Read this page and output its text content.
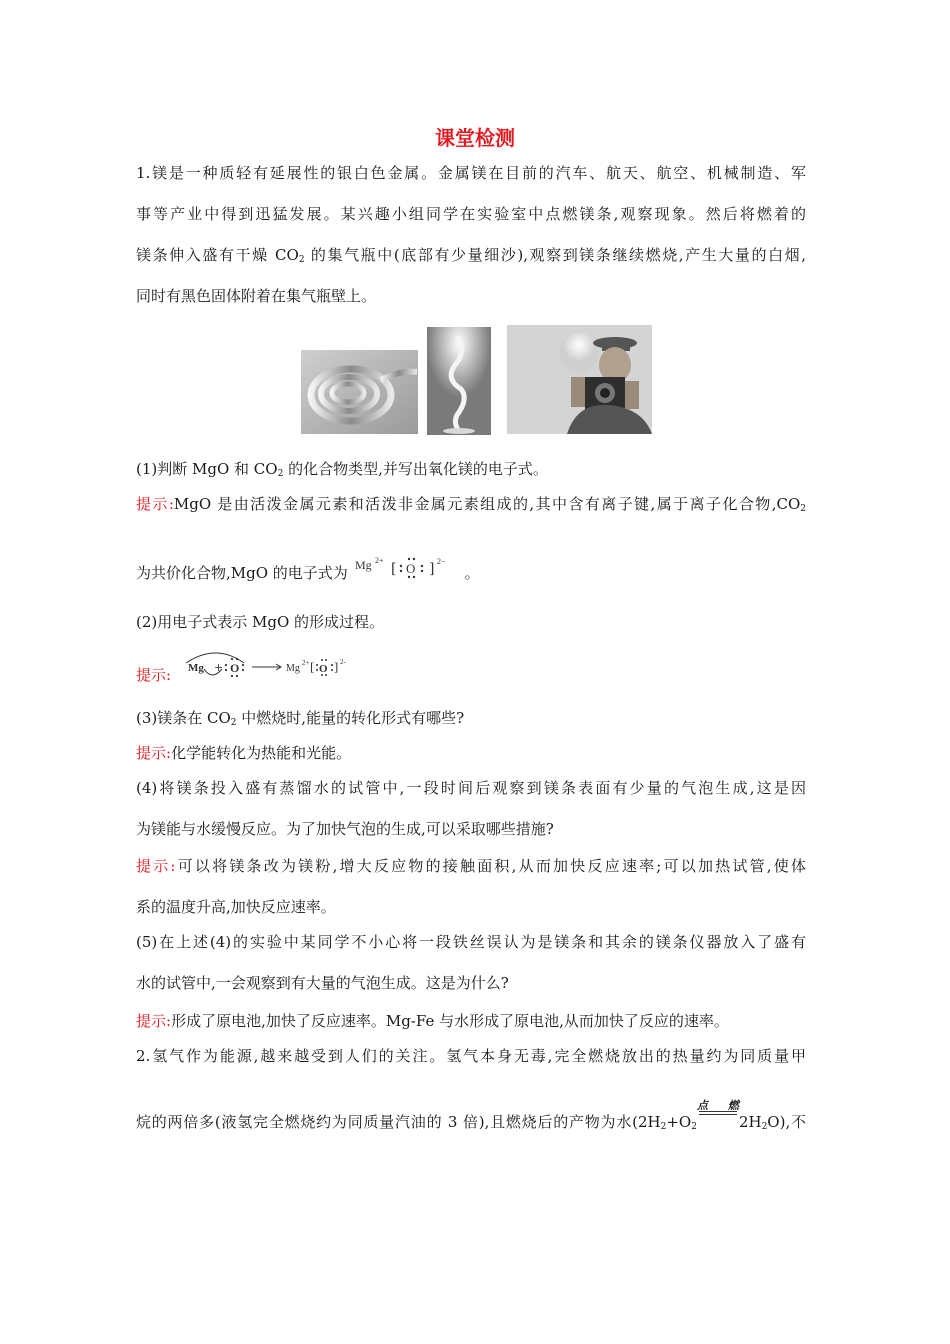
课堂检测
1.镁是一种质轻有延展性的银白色金属。金属镁在目前的汽车、航天、航空、机械制造、军
事等产业中得到迅猛发展。某兴趣小组同学在实验室中点燃镁条,观察现象。然后将燃着的
镁条伸入盛有干燥 $CO_2$ 的集气瓶中(底部有少量细沙),观察到镁条继续燃烧,产生大量的白烟,
同时有黑色固体附着在集气瓶壁上。
(1)判断 MgO 和 $CO_2$ 的化合物类型,并写出氧化镁的电子式。
提示:MgO 是由活泼金属元素和活泼非金属元素组成的,其中含有离子键,属于离子化合物$,CO_2$
为共价化合物,MgO 的电子式为 Mg 2+
[ O ] 2−
。
(2)用电子式表示 MgO 的形成过程。
提示: Mg + O	Mg 2+ [ O ] 2-
(3)镁条在 $CO_2$ 中燃烧时,能量的转化形式有哪些?
提示:化学能转化为热能和光能。
(4)将镁条投入盛有蒸馏水的试管中,一段时间后观察到镁条表面有少量的气泡生成,这是因
为镁能与水缓慢反应。为了加快气泡的生成,可以采取哪些措施?
提示:可以将镁条改为镁粉,增大反应物的接触面积,从而加快反应速率;可以加热试管,使体
系的温度升高,加快反应速率。
(5)在上述(4)的实验中某同学不小心将一段铁丝误认为是镁条和其余的镁条仪器放入了盛有
水的试管中,一会观察到有大量的气泡生成。这是为什么?
提示:形成了原电池,加快了反应速率。Mg-Fe 与水形成了原电池,从而加快了反应的速率。
2.氢气作为能源,越来越受到人们的关注。氢气本身无毒,完全燃烧放出的热量约为同质量甲
烷的两倍多(液氢完全燃烧约为同质量汽油的 3 倍),且燃烧后的产物为水($2H_2+O_2$
点燃
$2H_2O$),不
